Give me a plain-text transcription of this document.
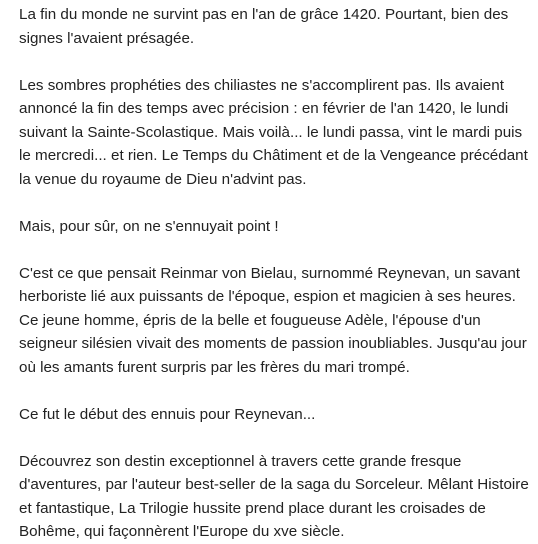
La fin du monde ne survint pas en l'an de grâce 1420. Pourtant, bien des signes l'avaient présagée.

Les sombres prophéties des chiliastes ne s'accomplirent pas. Ils avaient annoncé la fin des temps avec précision : en février de l'an 1420, le lundi suivant la Sainte-Scolastique. Mais voilà... le lundi passa, vint le mardi puis le mercredi... et rien. Le Temps du Châtiment et de la Vengeance précédant la venue du royaume de Dieu n'advint pas.

Mais, pour sûr, on ne s'ennuyait point !

C'est ce que pensait Reinmar von Bielau, surnommé Reynevan, un savant herboriste lié aux puissants de l'époque, espion et magicien à ses heures. Ce jeune homme, épris de la belle et fougueuse Adèle, l'épouse d'un seigneur silésien vivait des moments de passion inoubliables. Jusqu'au jour où les amants furent surpris par les frères du mari trompé.

Ce fut le début des ennuis pour Reynevan...

Découvrez son destin exceptionnel à travers cette grande fresque d'aventures, par l'auteur best-seller de la saga du Sorceleur. Mêlant Histoire et fantastique, La Trilogie hussite prend place durant les croisades de Bohême, qui façonnèrent l'Europe du xve siècle.
